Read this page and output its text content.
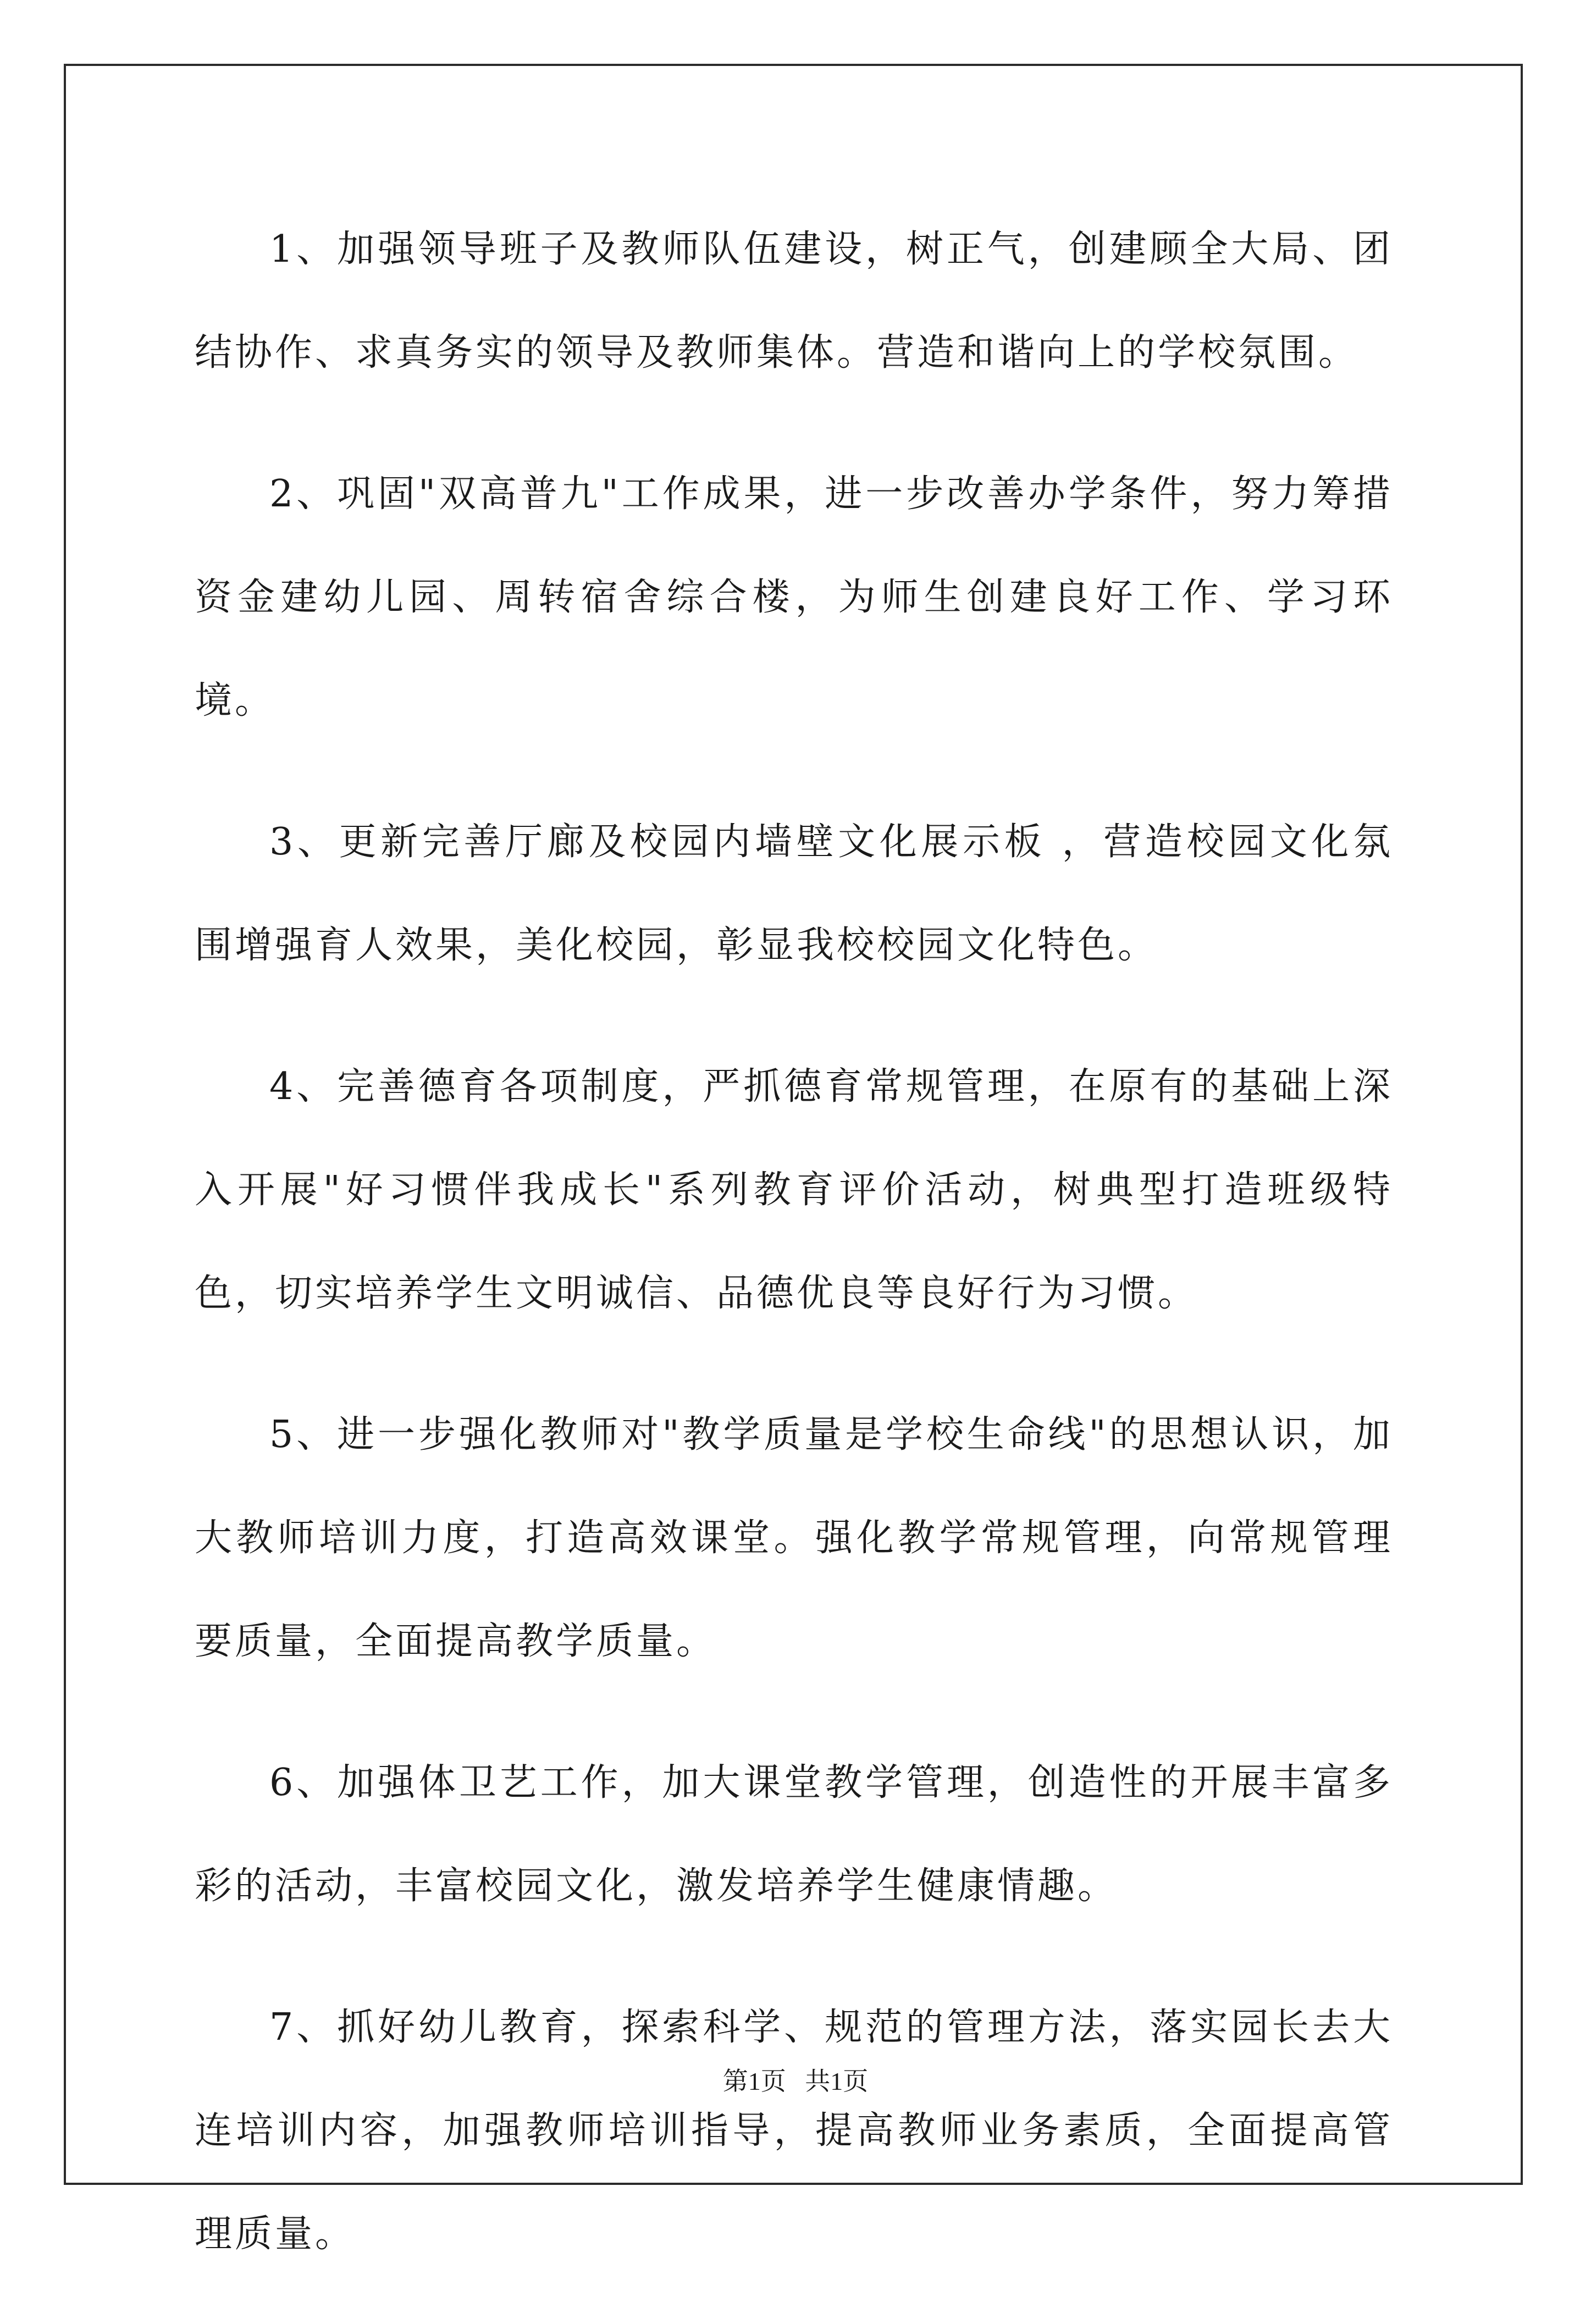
1、加强领导班子及教师队伍建设，树正气，创建顾全大局、团结协作、求真务实的领导及教师集体。营造和谐向上的学校氛围。

2、巩固"双高普九"工作成果，进一步改善办学条件，努力筹措资金建幼儿园、周转宿舍综合楼，为师生创建良好工作、学习环境。

3、更新完善厅廊及校园内墙壁文化展示板 ，营造校园文化氛围增强育人效果，美化校园，彰显我校校园文化特色。

4、完善德育各项制度，严抓德育常规管理，在原有的基础上深入开展"好习惯伴我成长"系列教育评价活动，树典型打造班级特色，切实培养学生文明诚信、品德优良等良好行为习惯。

5、进一步强化教师对"教学质量是学校生命线"的思想认识，加大教师培训力度，打造高效课堂。强化教学常规管理，向常规管理要质量，全面提高教学质量。

6、加强体卫艺工作，加大课堂教学管理，创造性的开展丰富多彩的活动，丰富校园文化，激发培养学生健康情趣。

7、抓好幼儿教育，探索科学、规范的管理方法，落实园长去大连培训内容，加强教师培训指导，提高教师业务素质，全面提高管理质量。

第1页   共1页
